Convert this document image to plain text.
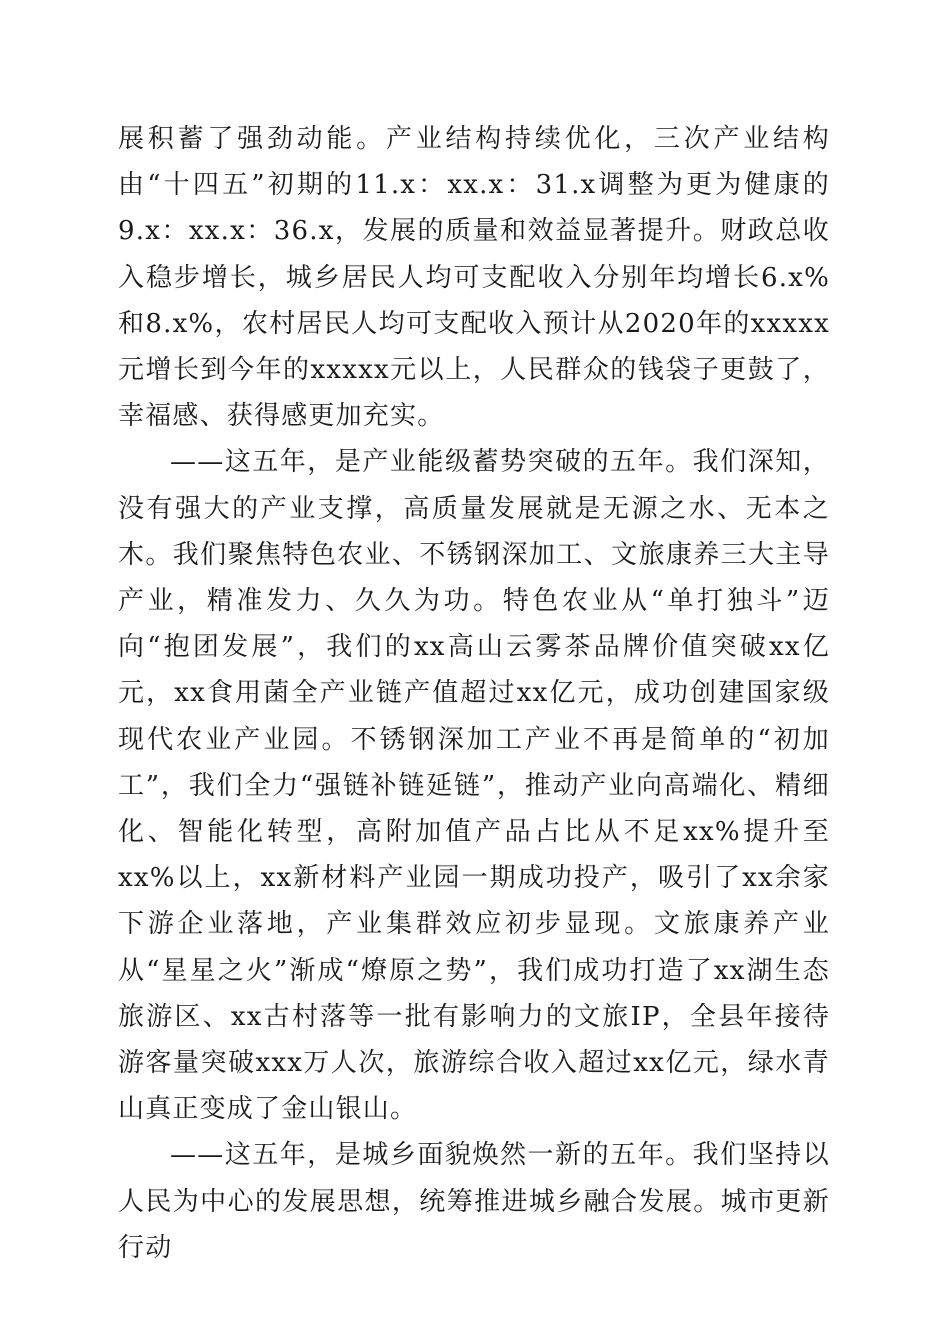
展积蓄了强劲动能。产业结构持续优化，三次产业结构由“十四五”初期的11.x：xx.x：31.x调整为更为健康的9.x：xx.x：36.x，发展的质量和效益显著提升。财政总收入稳步增长，城乡居民人均可支配收入分别年均增长6.x%和8.x%，农村居民人均可支配收入预计从2020年的xxxxx元增长到今年的xxxxx元以上，人民群众的钱袋子更鼓了，幸福感、获得感更加充实。

——这五年，是产业能级蓄势突破的五年。我们深知，没有强大的产业支撑，高质量发展就是无源之水、无本之木。我们聚焦特色农业、不锈钢深加工、文旅康养三大主导产业，精准发力、久久为功。特色农业从“单打独斗”迈向“抱团发展”，我们的xx高山云雾茶品牌价值突破xx亿元，xx食用菌全产业链产值超过xx亿元，成功创建国家级现代农业产业园。不锈钢深加工产业不再是简单的“初加工”，我们全力“强链补链延链”，推动产业向高端化、精细化、智能化转型，高附加值产品占比从不足xx%提升至xx%以上，xx新材料产业园一期成功投产，吸引了xx余家下游企业落地，产业集群效应初步显现。文旅康养产业从“星星之火”渐成“燎原之势”，我们成功打造了xx湖生态旅游区、xx古村落等一批有影响力的文旅IP，全县年接待游客量突破xxx万人次，旅游综合收入超过xx亿元，绿水青山真正变成了金山银山。

——这五年，是城乡面貌焕然一新的五年。我们坚持以人民为中心的发展思想，统筹推进城乡融合发展。城市更新行动
